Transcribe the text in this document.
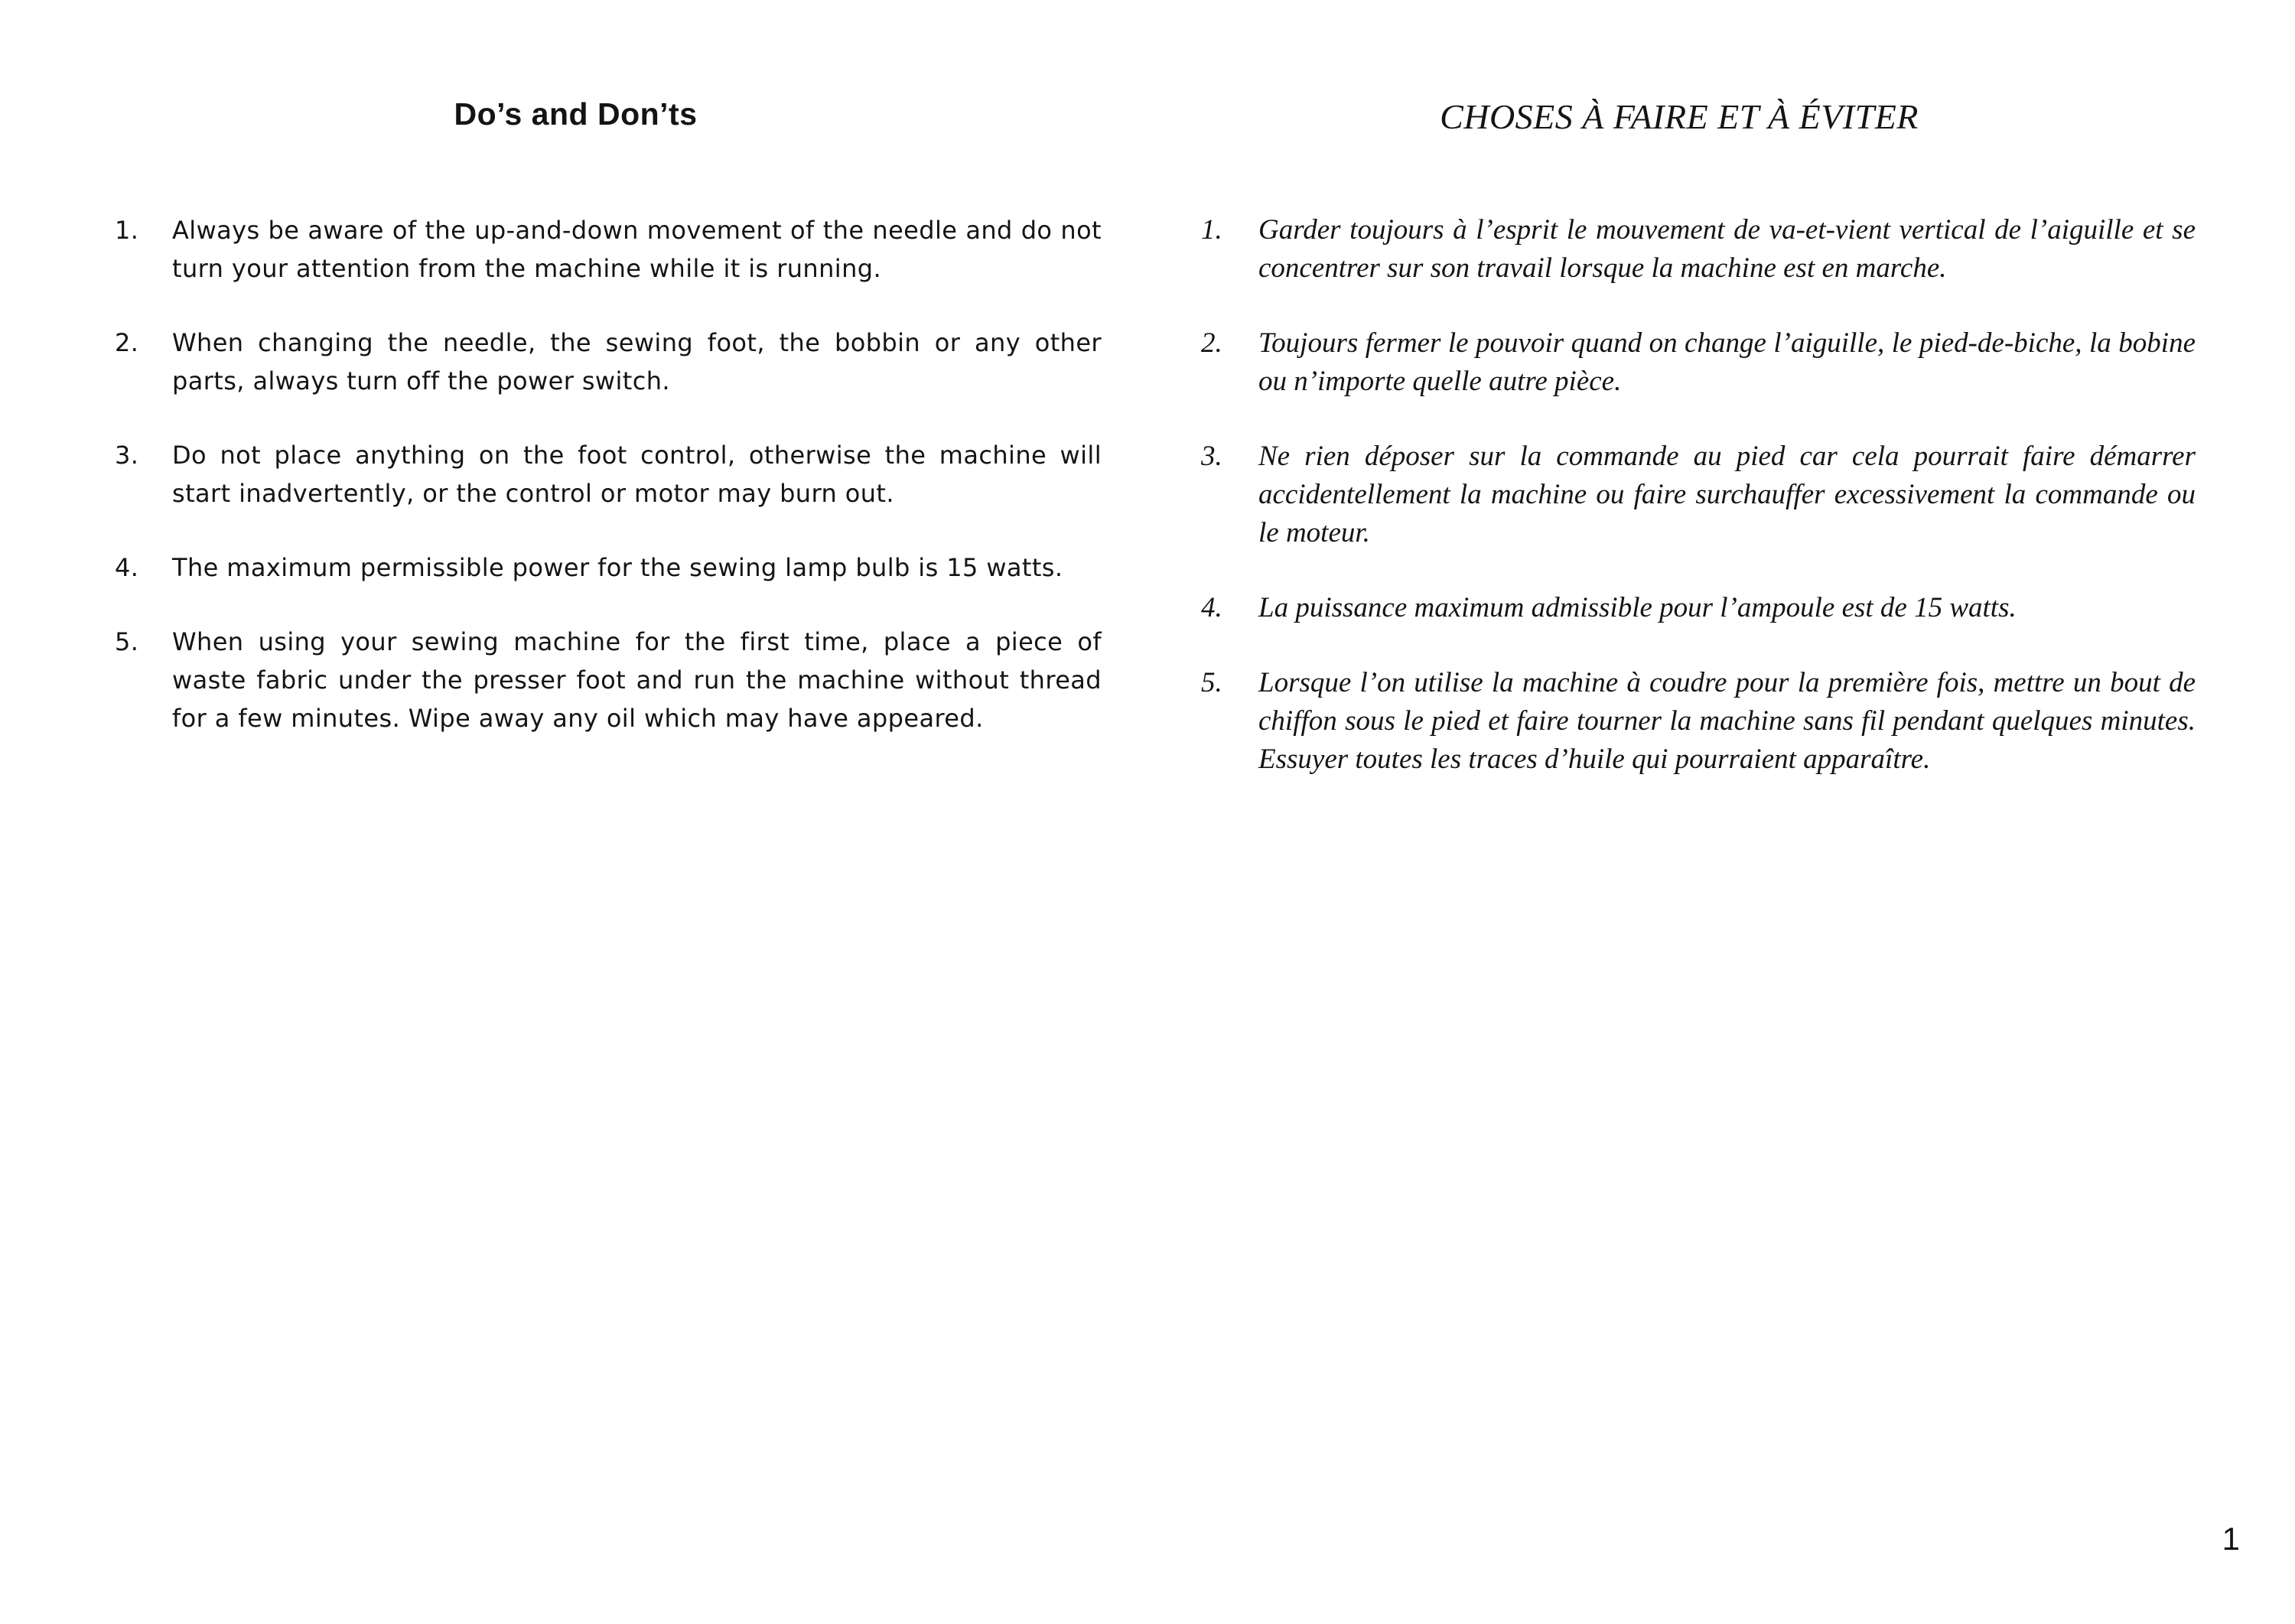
Do’s and Don’ts
1. Always be aware of the up-and-down movement of the needle and do not turn your attention from the machine while it is running.
2. When changing the needle, the sewing foot, the bobbin or any other parts, always turn off the power switch.
3. Do not place anything on the foot control, otherwise the machine will start inadvertently, or the control or motor may burn out.
4. The maximum permissible power for the sewing lamp bulb is 15 watts.
5. When using your sewing machine for the first time, place a piece of waste fabric under the presser foot and run the machine without thread for a few minutes. Wipe away any oil which may have appeared.
CHOSES À FAIRE ET À ÉVITER
1. Garder toujours à l’esprit le mouvement de va-et-vient vertical de l’aiguille et se concentrer sur son travail lorsque la machine est en marche.
2. Toujours fermer le pouvoir quand on change l’aiguille, le pied-de-biche, la bobine ou n’importe quelle autre pièce.
3. Ne rien déposer sur la commande au pied car cela pourrait faire démarrer accidentellement la machine ou faire surchauffer excessivement la commande ou le moteur.
4. La puissance maximum admissible pour l’ampoule est de 15 watts.
5. Lorsque l’on utilise la machine à coudre pour la première fois, mettre un bout de chiffon sous le pied et faire tourner la machine sans fil pendant quelques minutes. Essuyer toutes les traces d’huile qui pourraient apparaître.
1
